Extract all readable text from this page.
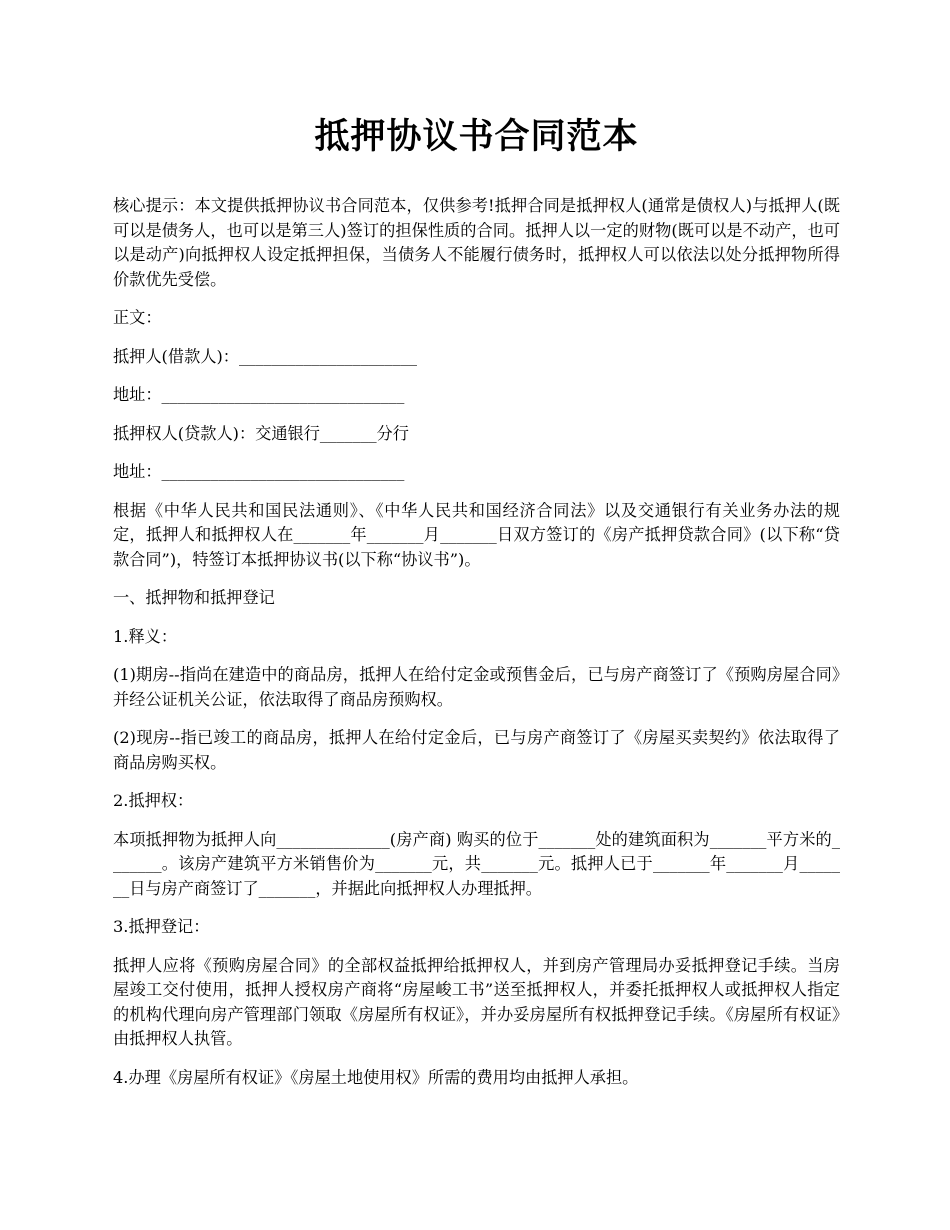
抵押协议书合同范本

核心提示：本文提供抵押协议书合同范本，仅供参考!抵押合同是抵押权人(通常是债权人)与抵押人(既可以是债务人，也可以是第三人)签订的担保性质的合同。抵押人以一定的财物(既可以是不动产，也可以是动产)向抵押权人设定抵押担保，当债务人不能履行债务时，抵押权人可以依法以处分抵押物所得价款优先受偿。

正文：

抵押人(借款人)：______________________

地址：______________________________

抵押权人(贷款人)：交通银行_______分行

地址：______________________________

根据《中华人民共和国民法通则》、《中华人民共和国经济合同法》以及交通银行有关业务办法的规定，抵押人和抵押权人在_______年_______月_______日双方签订的《房产抵押贷款合同》(以下称“贷款合同”)，特签订本抵押协议书(以下称“协议书”)。

一、抵押物和抵押登记

1.释义：

(1)期房--指尚在建造中的商品房，抵押人在给付定金或预售金后，已与房产商签订了《预购房屋合同》并经公证机关公证，依法取得了商品房预购权。

(2)现房--指已竣工的商品房，抵押人在给付定金后，已与房产商签订了《房屋买卖契约》依法取得了商品房购买权。

2.抵押权：

本项抵押物为抵押人向______________(房产商) 购买的位于_______处的建筑面积为_______平方米的_______。该房产建筑平方米销售价为_______元，共_______元。抵押人已于_______年_______月_______日与房产商签订了_______，并据此向抵押权人办理抵押。

3.抵押登记：

抵押人应将《预购房屋合同》的全部权益抵押给抵押权人，并到房产管理局办妥抵押登记手续。当房屋竣工交付使用，抵押人授权房产商将“房屋峻工书”送至抵押权人，并委托抵押权人或抵押权人指定的机构代理向房产管理部门领取《房屋所有权证》，并办妥房屋所有权抵押登记手续。《房屋所有权证》由抵押权人执管。

4.办理《房屋所有权证》《房屋土地使用权》所需的费用均由抵押人承担。
